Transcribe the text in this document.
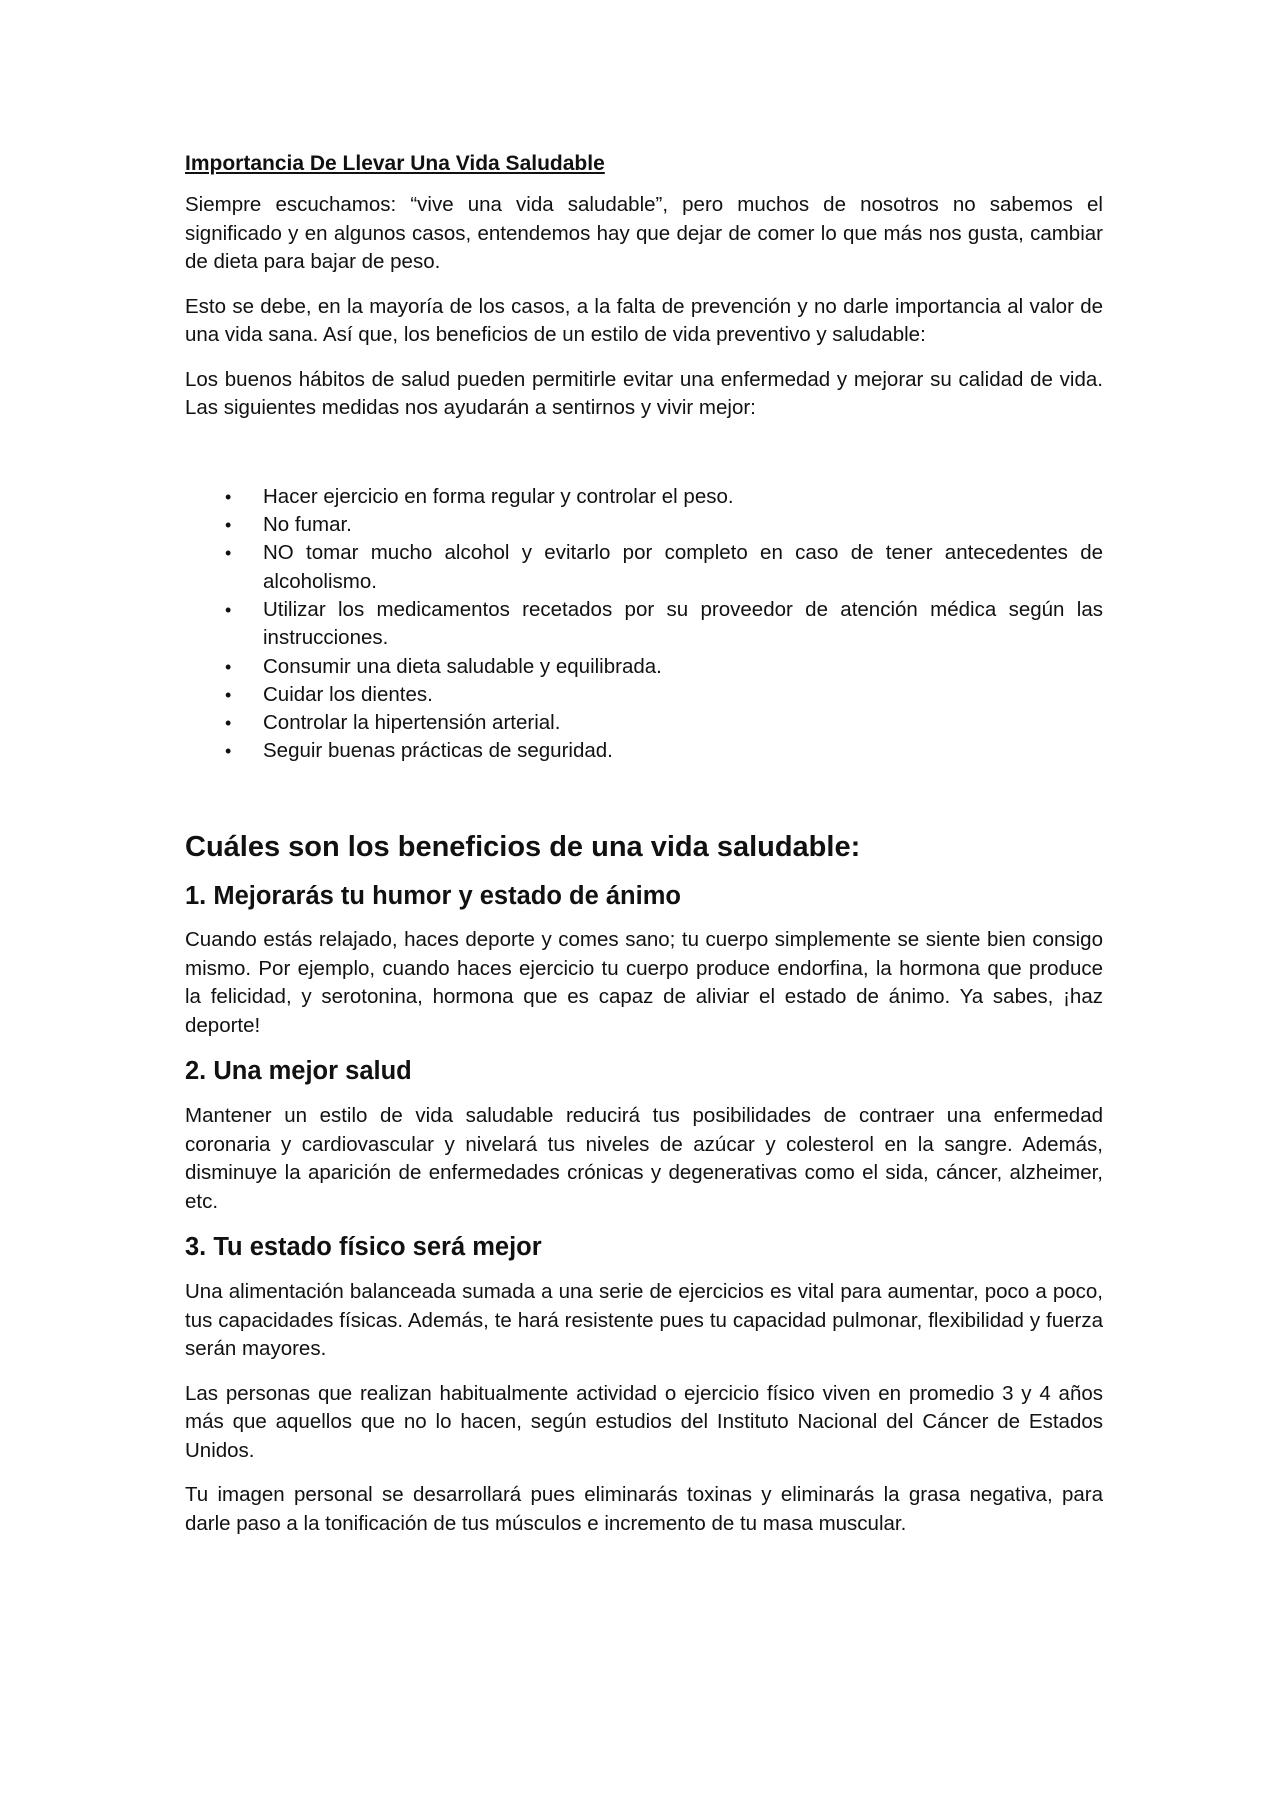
Importancia De Llevar Una Vida Saludable

Siempre escuchamos: “vive una vida saludable”, pero muchos de nosotros no sabemos el significado y en algunos casos, entendemos hay que dejar de comer lo que más nos gusta, cambiar de dieta para bajar de peso.

Esto se debe, en la mayoría de los casos, a la falta de prevención y no darle importancia al valor de una vida sana. Así que, los beneficios de un estilo de vida preventivo y saludable:

Los buenos hábitos de salud pueden permitirle evitar una enfermedad y mejorar su calidad de vida. Las siguientes medidas nos ayudarán a sentirnos y vivir mejor:

• Hacer ejercicio en forma regular y controlar el peso.
• No fumar.
• NO tomar mucho alcohol y evitarlo por completo en caso de tener antecedentes de alcoholismo.
• Utilizar los medicamentos recetados por su proveedor de atención médica según las instrucciones.
• Consumir una dieta saludable y equilibrada.
• Cuidar los dientes.
• Controlar la hipertensión arterial.
• Seguir buenas prácticas de seguridad.
Cuáles son los beneficios de una vida saludable:
1. Mejorarás tu humor y estado de ánimo

Cuando estás relajado, haces deporte y comes sano; tu cuerpo simplemente se siente bien consigo mismo. Por ejemplo, cuando haces ejercicio tu cuerpo produce endorfina, la hormona que produce la felicidad, y serotonina, hormona que es capaz de aliviar el estado de ánimo. Ya sabes, ¡haz deporte!

2. Una mejor salud

Mantener un estilo de vida saludable reducirá tus posibilidades de contraer una enfermedad coronaria y cardiovascular y nivelará tus niveles de azúcar y colesterol en la sangre. Además, disminuye la aparición de enfermedades crónicas y degenerativas como el sida, cáncer, alzheimer, etc.

3. Tu estado físico será mejor

Una alimentación balanceada sumada a una serie de ejercicios es vital para aumentar, poco a poco, tus capacidades físicas. Además, te hará resistente pues tu capacidad pulmonar, flexibilidad y fuerza serán mayores.

Las personas que realizan habitualmente actividad o ejercicio físico viven en promedio 3 y 4 años más que aquellos que no lo hacen, según estudios del Instituto Nacional del Cáncer de Estados Unidos.

Tu imagen personal se desarrollará pues eliminarás toxinas y eliminarás la grasa negativa, para darle paso a la tonificación de tus músculos e incremento de tu masa muscular.
